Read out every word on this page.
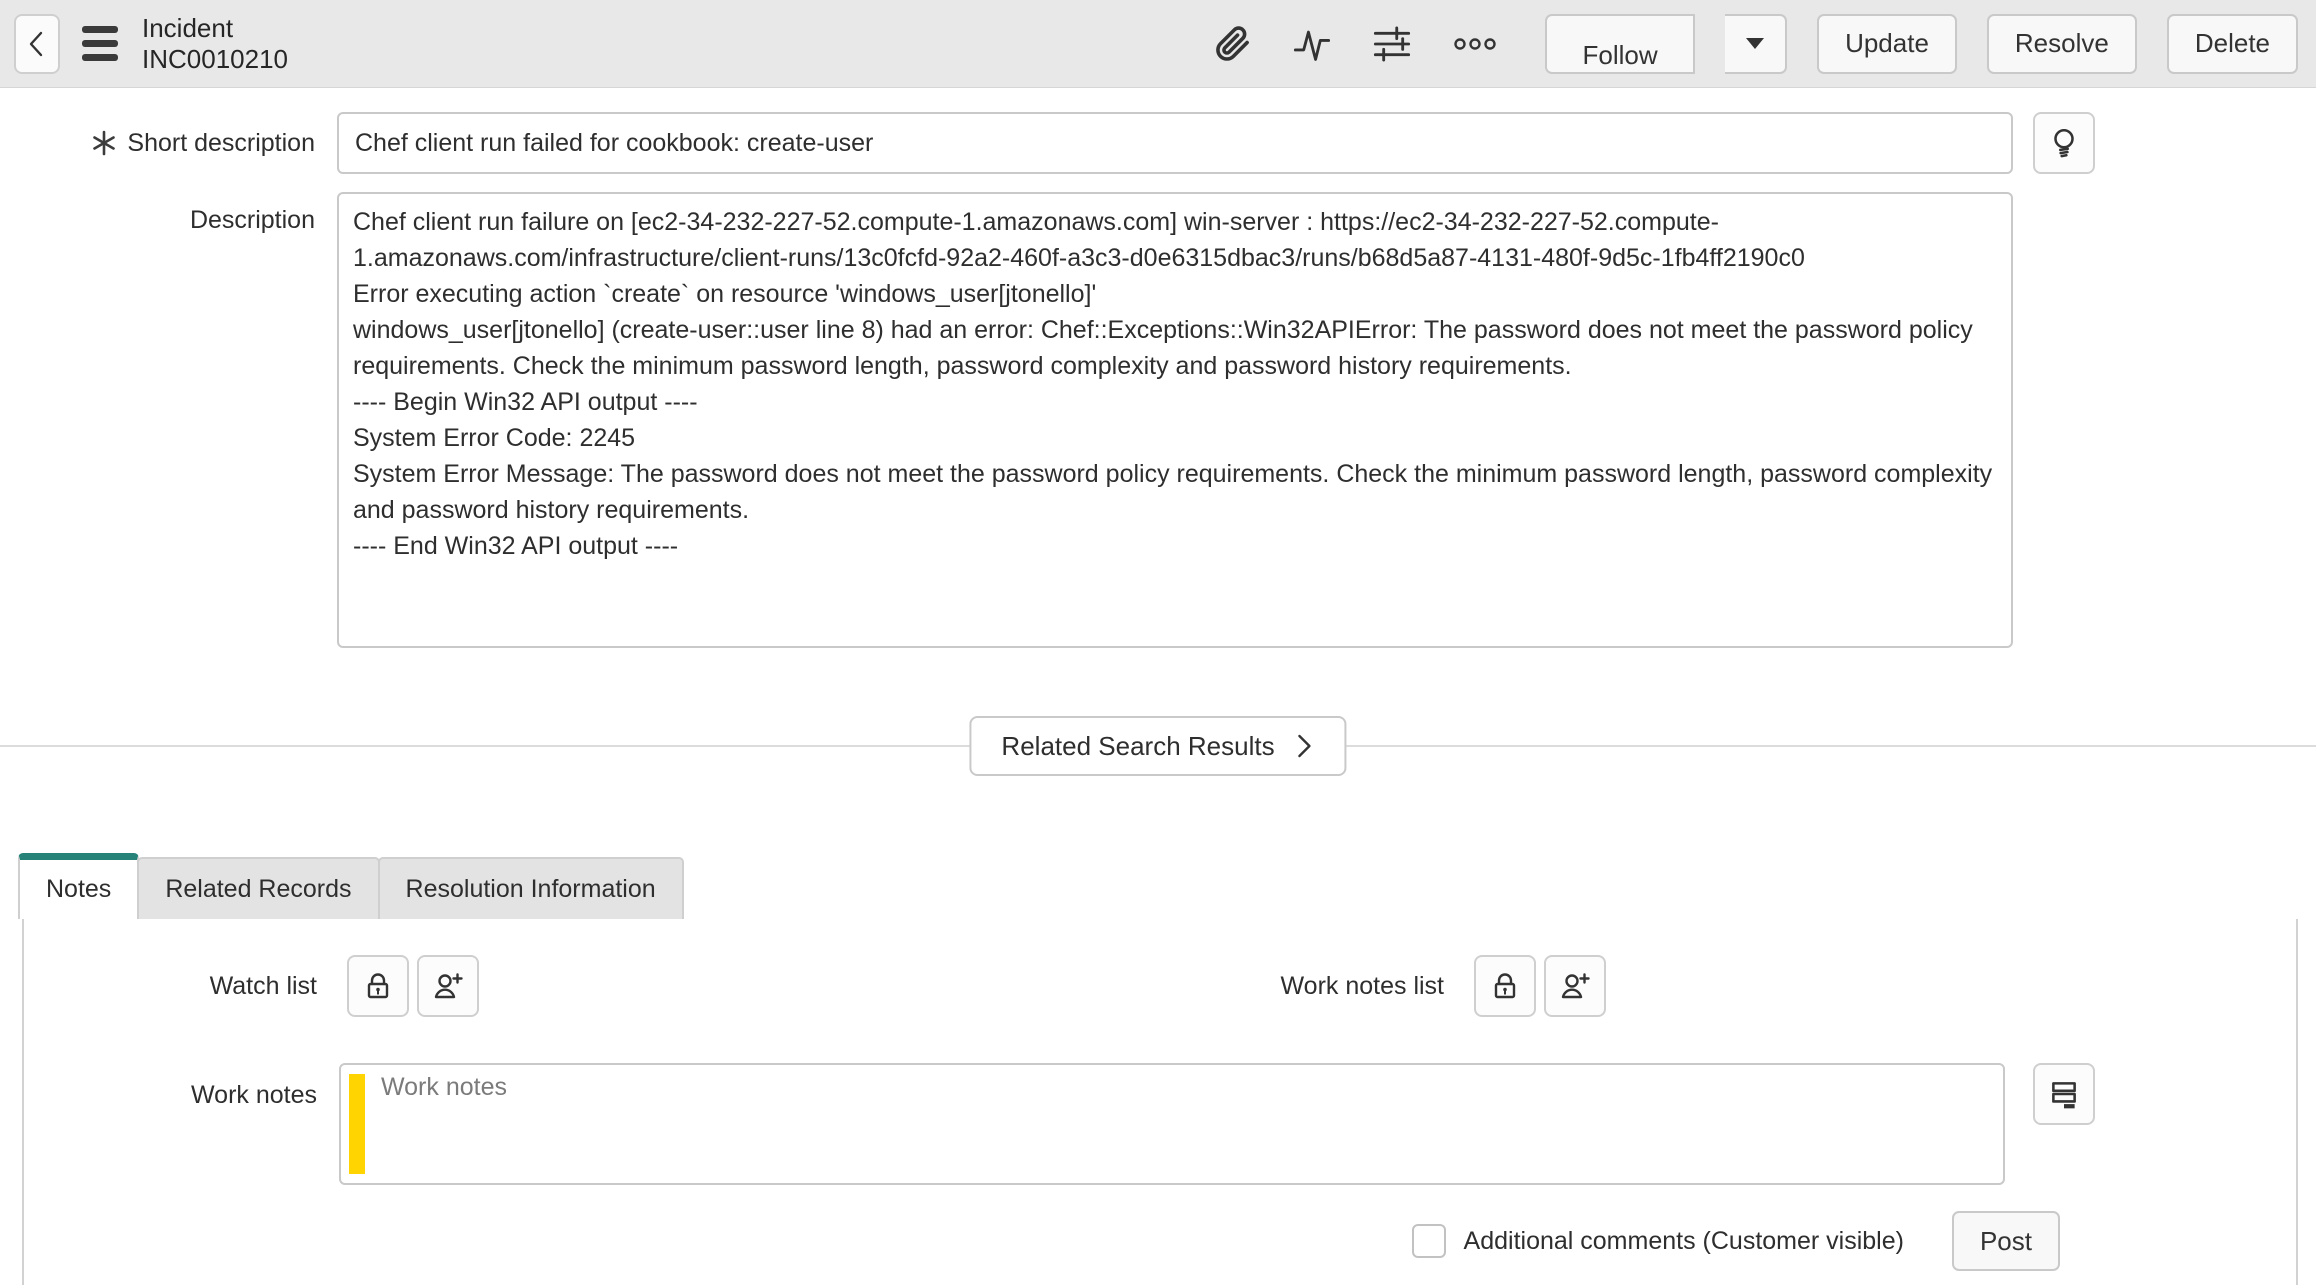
Incident
INC0010210	Follow	Update	Resolve	Delete
Short description
Chef client run failed for cookbook: create-user
Description
Chef client run failure on [ec2-34-232-227-52.compute-1.amazonaws.com] win-server : https://ec2-34-232-227-52.compute-1.amazonaws.com/infrastructure/client-runs/13c0fcfd-92a2-460f-a3c3-d0e6315dbac3/runs/b68d5a87-4131-480f-9d5c-1fb4ff2190c0 Error executing action `create` on resource 'windows_user[jtonello]' windows_user[jtonello] (create-user::user line 8) had an error: Chef::Exceptions::Win32APIError: The password does not meet the password policy requirements. Check the minimum password length, password complexity and password history requirements. ---- Begin Win32 API output ---- System Error Code: 2245 System Error Message: The password does not meet the password policy requirements. Check the minimum password length, password complexity and password history requirements. ---- End Win32 API output ----
Related Search Results
Notes	Related Records	Resolution Information
Watch list	Work notes list
Work notes
Work notes
Additional comments (Customer visible)	Post
